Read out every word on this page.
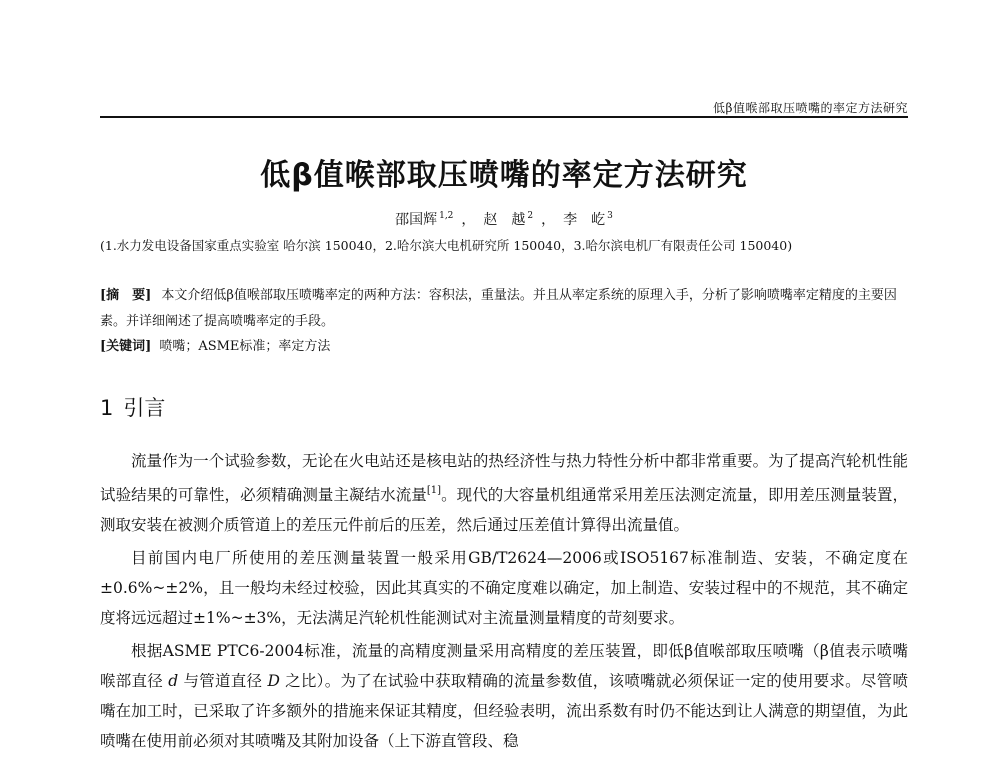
低β值喉部取压喷嘴的率定方法研究
低β值喉部取压喷嘴的率定方法研究
邵国辉 $^{1,2}$ ， 赵　越 $^2$ ， 李　屹 $^3$
(1.水力发电设备国家重点实验室 哈尔滨 150040，2.哈尔滨大电机研究所 150040，3.哈尔滨电机厂有限责任公司 150040)
[摘　要] 本文介绍低β值喉部取压喷嘴率定的两种方法：容积法，重量法。并且从率定系统的原理入手，分析了影响喷嘴率定精度的主要因素。并详细阐述了提高喷嘴率定的手段。
[关键词] 喷嘴；ASME标准；率定方法
1 引言

流量作为一个试验参数，无论在火电站还是核电站的热经济性与热力特性分析中都非常重要。为了提高汽轮机性能试验结果的可靠性，必须精确测量主凝结水流量[1]。现代的大容量机组通常采用差压法测定流量，即用差压测量装置，测取安装在被测介质管道上的差压元件前后的压差，然后通过压差值计算得出流量值。

目前国内电厂所使用的差压测量装置一般采用GB/T2624—2006或ISO5167标准制造、安装，不确定度在±0.6%~±2%，且一般均未经过校验，因此其真实的不确定度难以确定，加上制造、安装过程中的不规范，其不确定度将远远超过±1%~±3%，无法满足汽轮机性能测试对主流量测量精度的苛刻要求。

根据ASME PTC6-2004标准，流量的高精度测量采用高精度的差压装置，即低β值喉部取压喷嘴（β值表示喷嘴喉部直径 d 与管道直径 D 之比）。为了在试验中获取精确的流量参数值，该喷嘴就必须保证一定的使用要求。尽管喷嘴在加工时，已采取了许多额外的措施来保证其精度，但经验表明，流出系数有时仍不能达到让人满意的期望值，为此喷嘴在使用前必须对其喷嘴及其附加设备（上下游直管段、稳
